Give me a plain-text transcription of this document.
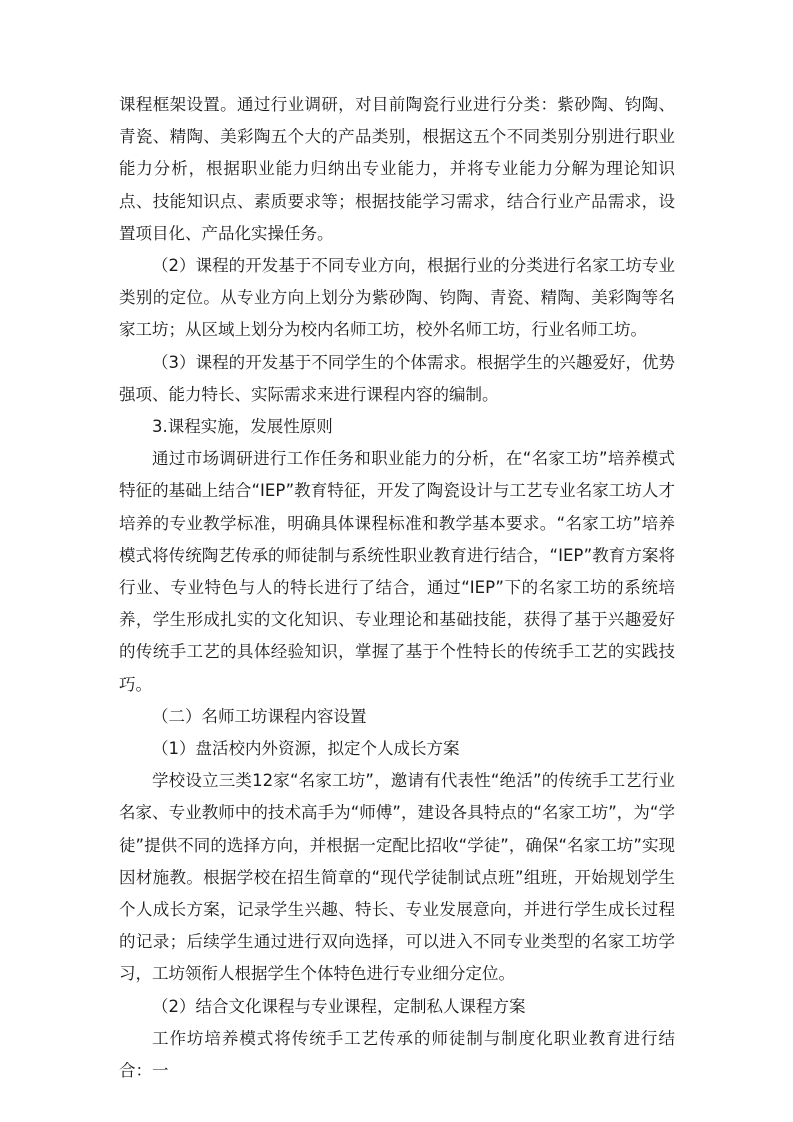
课程框架设置。通过行业调研，对目前陶瓷行业进行分类：紫砂陶、钧陶、青瓷、精陶、美彩陶五个大的产品类别，根据这五个不同类别分别进行职业能力分析，根据职业能力归纳出专业能力，并将专业能力分解为理论知识点、技能知识点、素质要求等；根据技能学习需求，结合行业产品需求，设置项目化、产品化实操任务。

（2）课程的开发基于不同专业方向，根据行业的分类进行名家工坊专业类别的定位。从专业方向上划分为紫砂陶、钧陶、青瓷、精陶、美彩陶等名家工坊；从区域上划分为校内名师工坊，校外名师工坊，行业名师工坊。

（3）课程的开发基于不同学生的个体需求。根据学生的兴趣爱好，优势强项、能力特长、实际需求来进行课程内容的编制。

3.课程实施，发展性原则

通过市场调研进行工作任务和职业能力的分析，在“名家工坊”培养模式特征的基础上结合“IEP”教育特征，开发了陶瓷设计与工艺专业名家工坊人才培养的专业教学标准，明确具体课程标准和教学基本要求。“名家工坊”培养模式将传统陶艺传承的师徒制与系统性职业教育进行结合，“IEP”教育方案将行业、专业特色与人的特长进行了结合，通过“IEP”下的名家工坊的系统培养，学生形成扎实的文化知识、专业理论和基础技能，获得了基于兴趣爱好的传统手工艺的具体经验知识，掌握了基于个性特长的传统手工艺的实践技巧。

（二）名师工坊课程内容设置

（1）盘活校内外资源，拟定个人成长方案

学校设立三类12家“名家工坊”，邀请有代表性“绝活”的传统手工艺行业名家、专业教师中的技术高手为“师傅”，建设各具特点的“名家工坊”，为“学徒”提供不同的选择方向，并根据一定配比招收“学徒”，确保“名家工坊”实现因材施教。根据学校在招生简章的“现代学徒制试点班”组班，开始规划学生个人成长方案，记录学生兴趣、特长、专业发展意向，并进行学生成长过程的记录；后续学生通过进行双向选择，可以进入不同专业类型的名家工坊学习，工坊领衔人根据学生个体特色进行专业细分定位。

（2）结合文化课程与专业课程，定制私人课程方案

工作坊培养模式将传统手工艺传承的师徒制与制度化职业教育进行结合：一
